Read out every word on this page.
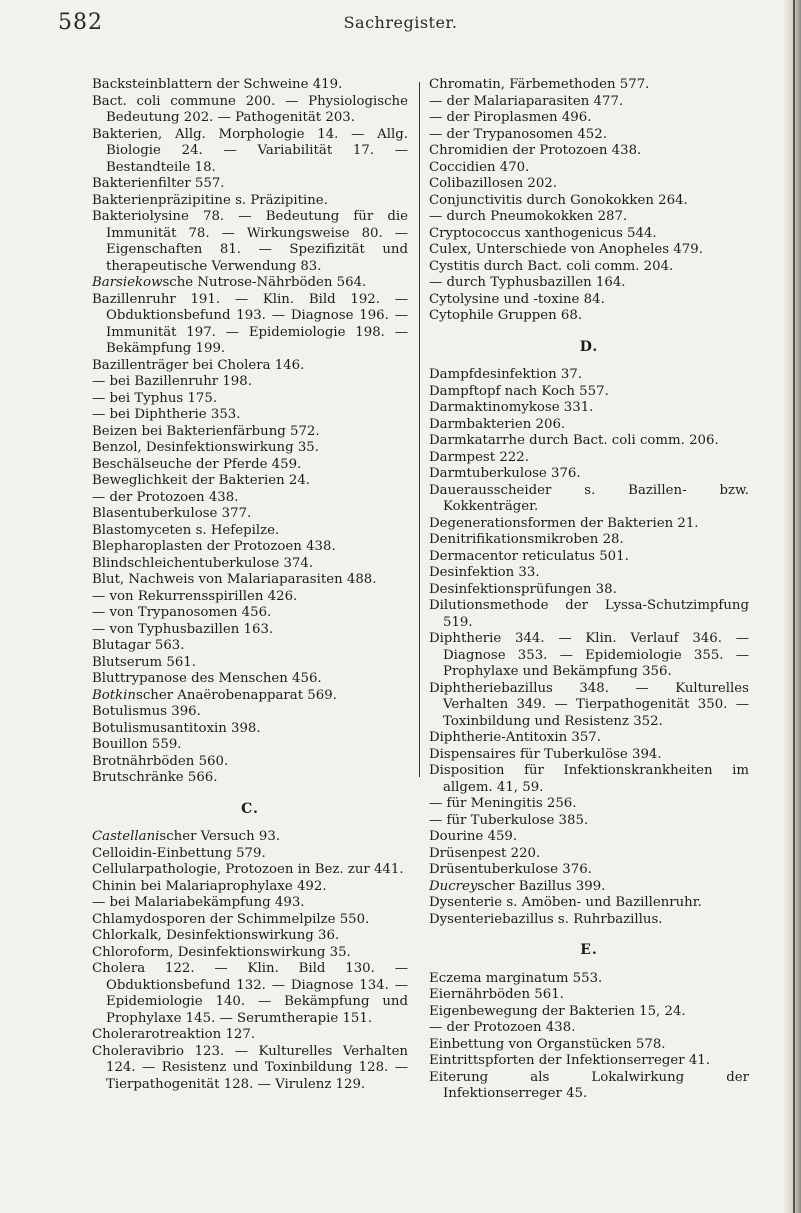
582	Sachregister.

Backsteinblattern der Schweine 419.

Bact. coli commune 200. — Physiologische Bedeutung 202. — Pathogenität 203.

Bakterien, Allg. Morphologie 14. — Allg. Biologie 24. — Variabilität 17. — Bestandteile 18.

Bakterienfilter 557.

Bakterienpräzipitine s. Präzipitine.

Bakteriolysine 78. — Bedeutung für die Immunität 78. — Wirkungsweise 80. — Eigenschaften 81. — Spezifizität und therapeutische Verwendung 83.

Barsiekowsche Nutrose-Nährböden 564.

Bazillenruhr 191. — Klin. Bild 192. — Obduktionsbefund 193. — Diagnose 196. — Immunität 197. — Epidemiologie 198. — Bekämpfung 199.

Bazillenträger bei Cholera 146.

— bei Bazillenruhr 198.

— bei Typhus 175.

— bei Diphtherie 353.

Beizen bei Bakterienfärbung 572.

Benzol, Desinfektionswirkung 35.

Beschälseuche der Pferde 459.

Beweglichkeit der Bakterien 24.

— der Protozoen 438.

Blasentuberkulose 377.

Blastomyceten s. Hefepilze.

Blepharoplasten der Protozoen 438.

Blindschleichentuberkulose 374.

Blut, Nachweis von Malariaparasiten 488.

— von Rekurrensspirillen 426.

— von Trypanosomen 456.

— von Typhusbazillen 163.

Blutagar 563.

Blutserum 561.

Bluttrypanose des Menschen 456.

Botkinscher Anaërobenapparat 569.

Botulismus 396.

Botulismusantitoxin 398.

Bouillon 559.

Brotnährböden 560.

Brutschränke 566.

C.

Castellanischer Versuch 93.

Celloidin-Einbettung 579.

Cellularpathologie, Protozoen in Bez. zur 441.

Chinin bei Malariaprophylaxe 492.

— bei Malariabekämpfung 493.

Chlamydosporen der Schimmelpilze 550.

Chlorkalk, Desinfektionswirkung 36.

Chloroform, Desinfektionswirkung 35.

Cholera 122. — Klin. Bild 130. — Obduktionsbefund 132. — Diagnose 134. — Epidemiologie 140. — Bekämpfung und Prophylaxe 145. — Serumtherapie 151.

Cholerarotreaktion 127.

Choleravibrio 123. — Kulturelles Verhalten 124. — Resistenz und Toxinbildung 128. — Tierpathogenität 128. — Virulenz 129.

Chromatin, Färbemethoden 577.

— der Malariaparasiten 477.

— der Piroplasmen 496.

— der Trypanosomen 452.

Chromidien der Protozoen 438.

Coccidien 470.

Colibazillosen 202.

Conjunctivitis durch Gonokokken 264.

— durch Pneumokokken 287.

Cryptococcus xanthogenicus 544.

Culex, Unterschiede von Anopheles 479.

Cystitis durch Bact. coli comm. 204.

— durch Typhusbazillen 164.

Cytolysine und -toxine 84.

Cytophile Gruppen 68.

D.

Dampfdesinfektion 37.

Dampftopf nach Koch 557.

Darmaktinomykose 331.

Darmbakterien 206.

Darmkatarrhe durch Bact. coli comm. 206.

Darmpest 222.

Darmtuberkulose 376.

Dauerausscheider s. Bazillen- bzw. Kokkenträger.

Degenerationsformen der Bakterien 21.

Denitrifikationsmikroben 28.

Dermacentor reticulatus 501.

Desinfektion 33.

Desinfektionsprüfungen 38.

Dilutionsmethode der Lyssa-Schutzimpfung 519.

Diphtherie 344. — Klin. Verlauf 346. — Diagnose 353. — Epidemiologie 355. — Prophylaxe und Bekämpfung 356.

Diphtheriebazillus 348. — Kulturelles Verhalten 349. — Tierpathogenität 350. — Toxinbildung und Resistenz 352.

Diphtherie-Antitoxin 357.

Dispensaires für Tuberkulöse 394.

Disposition für Infektionskrankheiten im allgem. 41, 59.

— für Meningitis 256.

— für Tuberkulose 385.

Dourine 459.

Drüsenpest 220.

Drüsentuberkulose 376.

Ducreyscher Bazillus 399.

Dysenterie s. Amöben- und Bazillenruhr.

Dysenteriebazillus s. Ruhrbazillus.

E.

Eczema marginatum 553.

Eiernährböden 561.

Eigenbewegung der Bakterien 15, 24.

— der Protozoen 438.

Einbettung von Organstücken 578.

Eintrittspforten der Infektionserreger 41.

Eiterung als Lokalwirkung der Infektionserreger 45.
